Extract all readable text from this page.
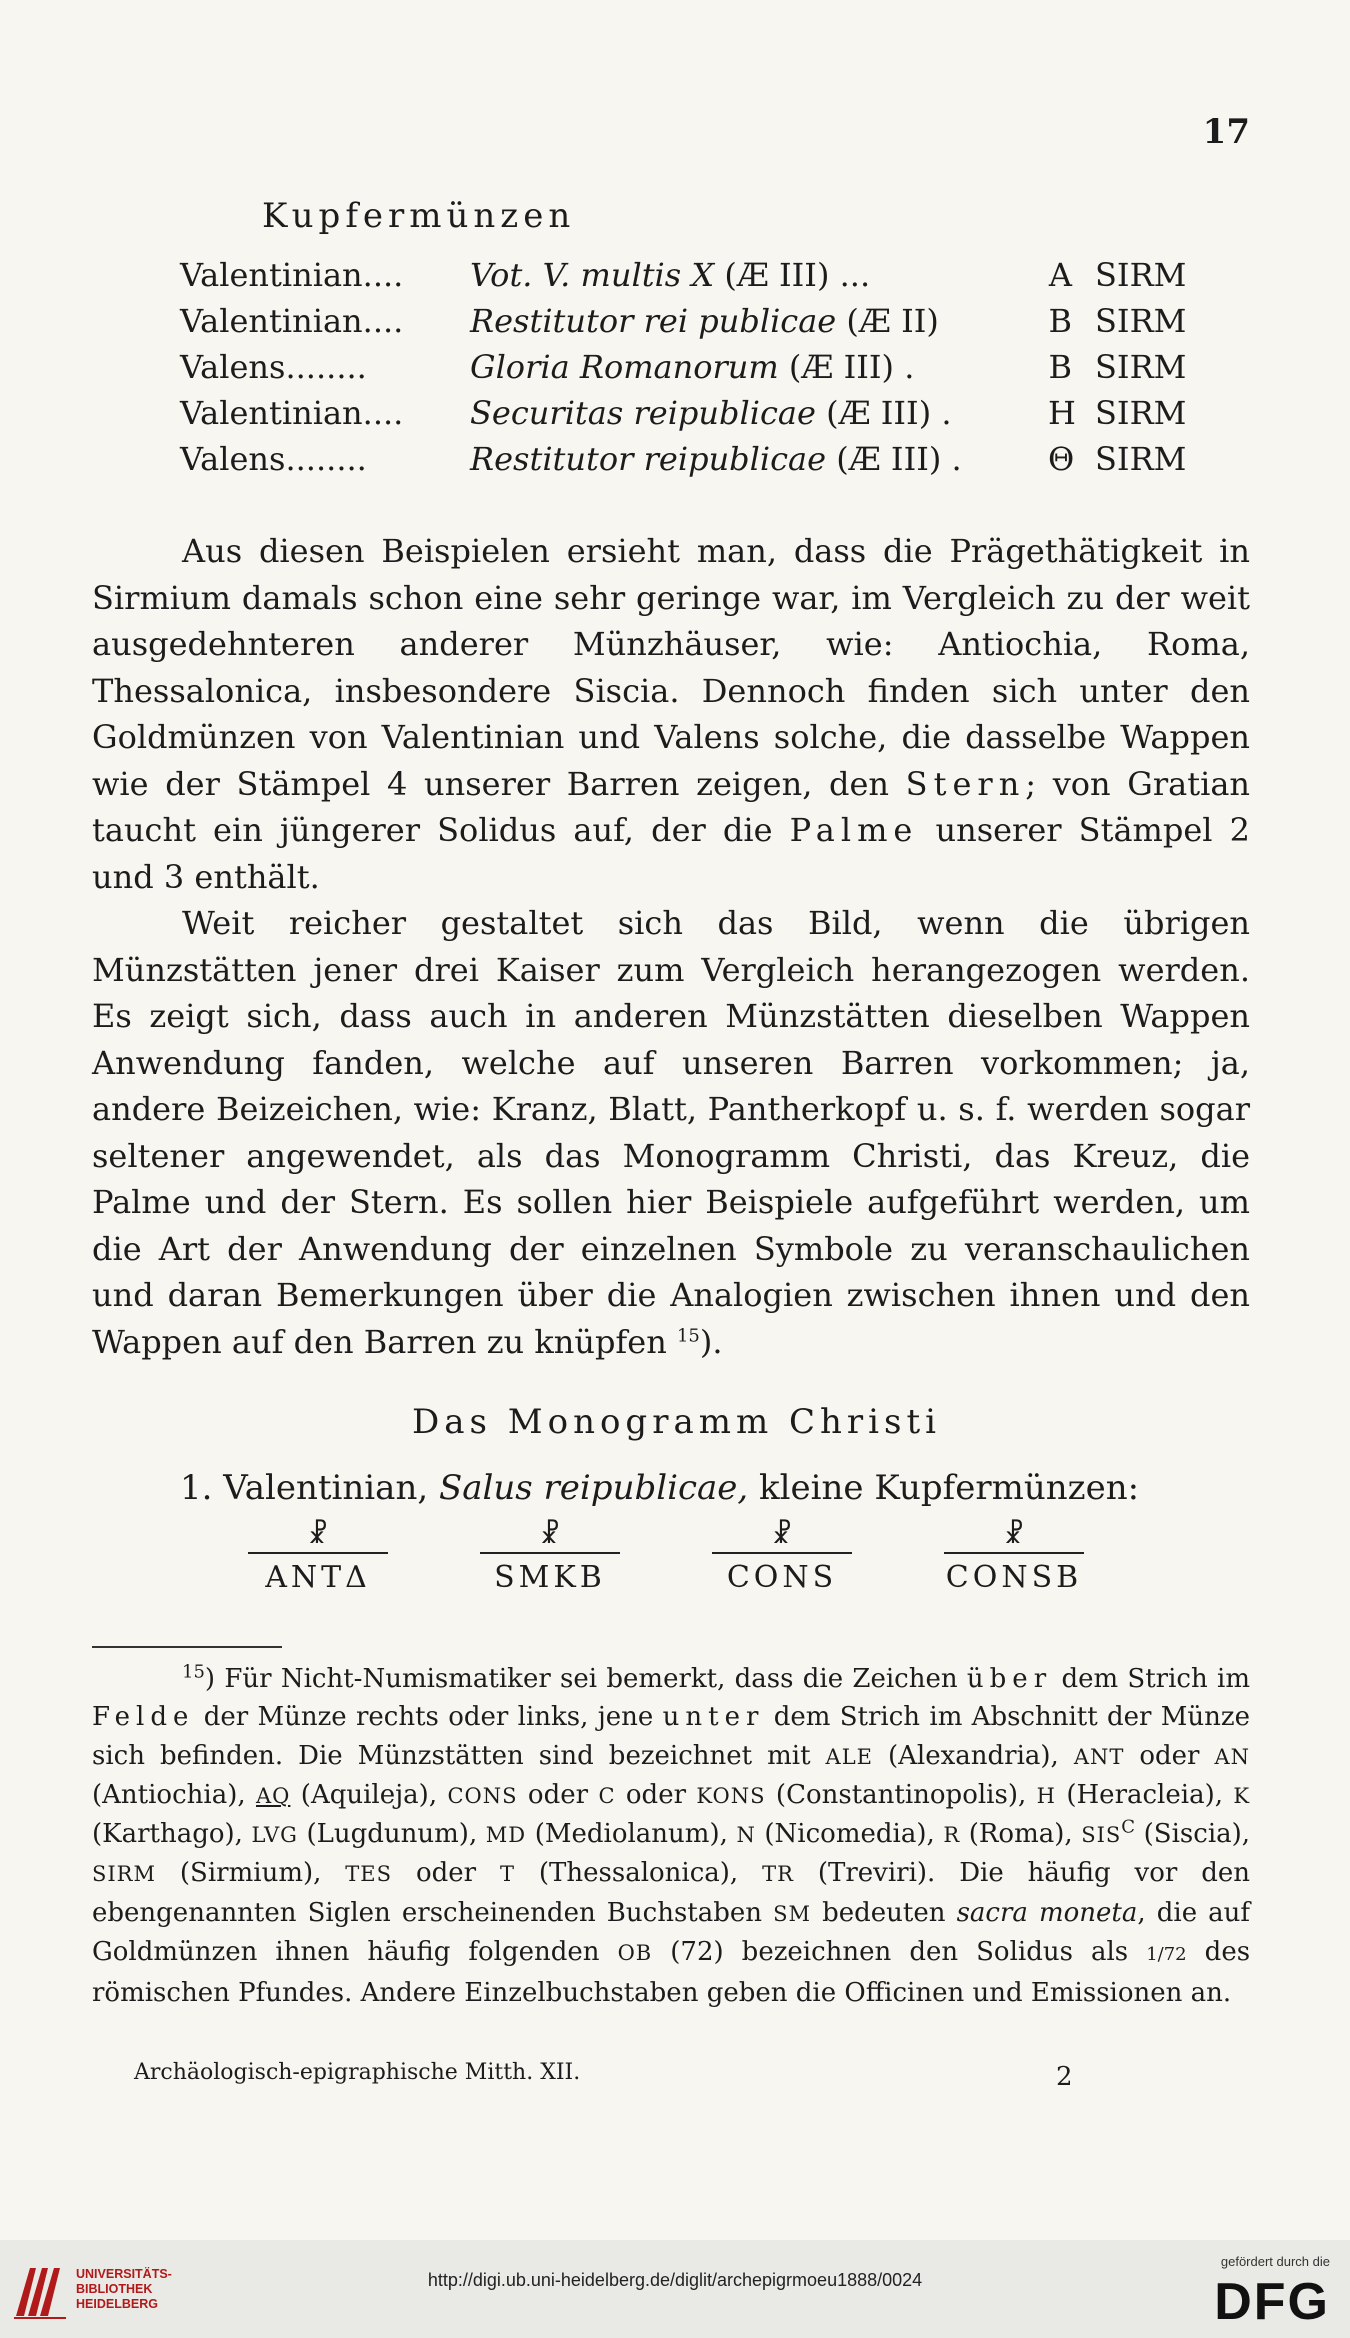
17
Kupfermünzen
Valentinian.... Vot. V. multis X (Æ III) ...	A SIRM
Valentinian.... Restitutor rei publicae (Æ II)	B SIRM
Valens........	Gloria Romanorum (Æ III) .	B SIRM
Valentinian.... Securitas reipublicae (Æ III) .	H SIRM
Valens........	Restitutor reipublicae (Æ III) .	Θ SIRM

Aus diesen Beispielen ersieht man, dass die Prägethätigkeit in Sirmium damals schon eine sehr geringe war, im Vergleich zu der weit ausgedehnteren anderer Münzhäuser, wie: Antiochia, Roma, Thessalonica, insbesondere Siscia. Dennoch finden sich unter den Goldmünzen von Valentinian und Valens solche, die dasselbe Wappen wie der Stämpel 4 unserer Barren zeigen, den Stern; von Gratian taucht ein jüngerer Solidus auf, der die Palme unserer Stämpel 2 und 3 enthält.

Weit reicher gestaltet sich das Bild, wenn die übrigen Münzstätten jener drei Kaiser zum Vergleich herangezogen werden. Es zeigt sich, dass auch in anderen Münzstätten dieselben Wappen Anwendung fanden, welche auf unseren Barren vorkommen; ja, andere Beizeichen, wie: Kranz, Blatt, Pantherkopf u. s. f. werden sogar seltener angewendet, als das Monogramm Christi, das Kreuz, die Palme und der Stern. Es sollen hier Beispiele aufgeführt werden, um die Art der Anwendung der einzelnen Symbole zu veranschaulichen und daran Bemerkungen über die Analogien zwischen ihnen und den Wappen auf den Barren zu knüpfen $^{15}$).

Das Monogramm Christi
1. Valentinian, Salus reipublicae, kleine Kupfermünzen:
☧
ANTΔ
☧
SMKB
☧
CONS
☧
CONSB

$^{15}$) Für Nicht-Numismatiker sei bemerkt, dass die Zeichen über dem Strich im Felde der Münze rechts oder links, jene unter dem Strich im Abschnitt der Münze sich befinden. Die Münzstätten sind bezeichnet mit ALE (Alexandria), ANT oder AN (Antiochia), AQ (Aquileja), CONS oder C oder KONS (Constantinopolis), H (Heracleia), K (Karthago), LVG (Lugdunum), MD (Mediolanum), N (Nicomedia), R (Roma), $SIS^C$ (Siscia), SIRM (Sirmium), TES oder T (Thessalonica), TR (Treviri). Die häufig vor den ebengenannten Siglen erscheinenden Buchstaben SM bedeuten sacra moneta, die auf Goldmünzen ihnen häufig folgenden OB (72) bezeichnen den Solidus als 1/72 des römischen Pfundes. Andere Einzelbuchstaben geben die Officinen und Emissionen an.

Archäologisch-epigraphische Mitth. XII.	2
UNIVERSITÄTS-
BIBLIOTHEK
HEIDELBERG
http://digi.ub.uni-heidelberg.de/diglit/archepigrmoeu1888/0024
gefördert durch die
DFG
